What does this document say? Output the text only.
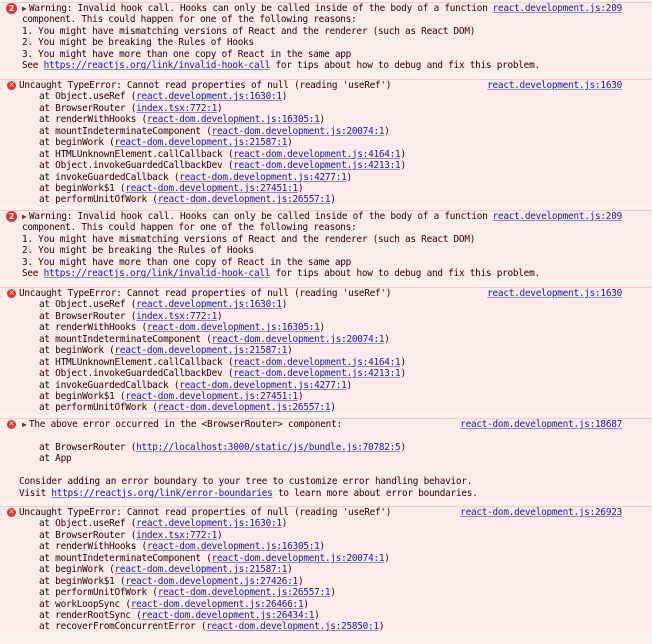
2 ▶ Warning: Invalid hook call. Hooks can only be called inside of the body of a function react.development.js:209
component. This could happen for one of the following reasons:
1. You might have mismatching versions of React and the renderer (such as React DOM)
2. You might be breaking the Rules of Hooks
3. You might have more than one copy of React in the same app
See https://reactjs.org/link/invalid-hook-call for tips about how to debug and fix this problem.
✕ Uncaught TypeError: Cannot read properties of null (reading 'useRef')	react.development.js:1630
at Object.useRef (react.development.js:1630:1)
at BrowserRouter (index.tsx:772:1)
at renderWithHooks (react-dom.development.js:16305:1)
at mountIndeterminateComponent (react-dom.development.js:20074:1)
at beginWork (react-dom.development.js:21587:1)
at HTMLUnknownElement.callCallback (react-dom.development.js:4164:1)
at Object.invokeGuardedCallbackDev (react-dom.development.js:4213:1)
at invokeGuardedCallback (react-dom.development.js:4277:1)
at beginWork$1 (react-dom.development.js:27451:1)
at performUnitOfWork (react-dom.development.js:26557:1)
2 ▶ Warning: Invalid hook call. Hooks can only be called inside of the body of a function react.development.js:209
component. This could happen for one of the following reasons:
1. You might have mismatching versions of React and the renderer (such as React DOM)
2. You might be breaking the Rules of Hooks
3. You might have more than one copy of React in the same app
See https://reactjs.org/link/invalid-hook-call for tips about how to debug and fix this problem.
✕ Uncaught TypeError: Cannot read properties of null (reading 'useRef')	react.development.js:1630
at Object.useRef (react.development.js:1630:1)
at BrowserRouter (index.tsx:772:1)
at renderWithHooks (react-dom.development.js:16305:1)
at mountIndeterminateComponent (react-dom.development.js:20074:1)
at beginWork (react-dom.development.js:21587:1)
at HTMLUnknownElement.callCallback (react-dom.development.js:4164:1)
at Object.invokeGuardedCallbackDev (react-dom.development.js:4213:1)
at invokeGuardedCallback (react-dom.development.js:4277:1)
at beginWork$1 (react-dom.development.js:27451:1)
at performUnitOfWork (react-dom.development.js:26557:1)
✕ ▶ The above error occurred in the <BrowserRouter> component:	react-dom.development.js:18687
at BrowserRouter (http://localhost:3000/static/js/bundle.js:70782:5)
at App
Consider adding an error boundary to your tree to customize error handling behavior.
Visit https://reactjs.org/link/error-boundaries to learn more about error boundaries.
✕ Uncaught TypeError: Cannot read properties of null (reading 'useRef')	react-dom.development.js:26923
at Object.useRef (react.development.js:1630:1)
at BrowserRouter (index.tsx:772:1)
at renderWithHooks (react-dom.development.js:16305:1)
at mountIndeterminateComponent (react-dom.development.js:20074:1)
at beginWork (react-dom.development.js:21587:1)
at beginWork$1 (react-dom.development.js:27426:1)
at performUnitOfWork (react-dom.development.js:26557:1)
at workLoopSync (react-dom.development.js:26466:1)
at renderRootSync (react-dom.development.js:26434:1)
at recoverFromConcurrentError (react-dom.development.js:25850:1)
